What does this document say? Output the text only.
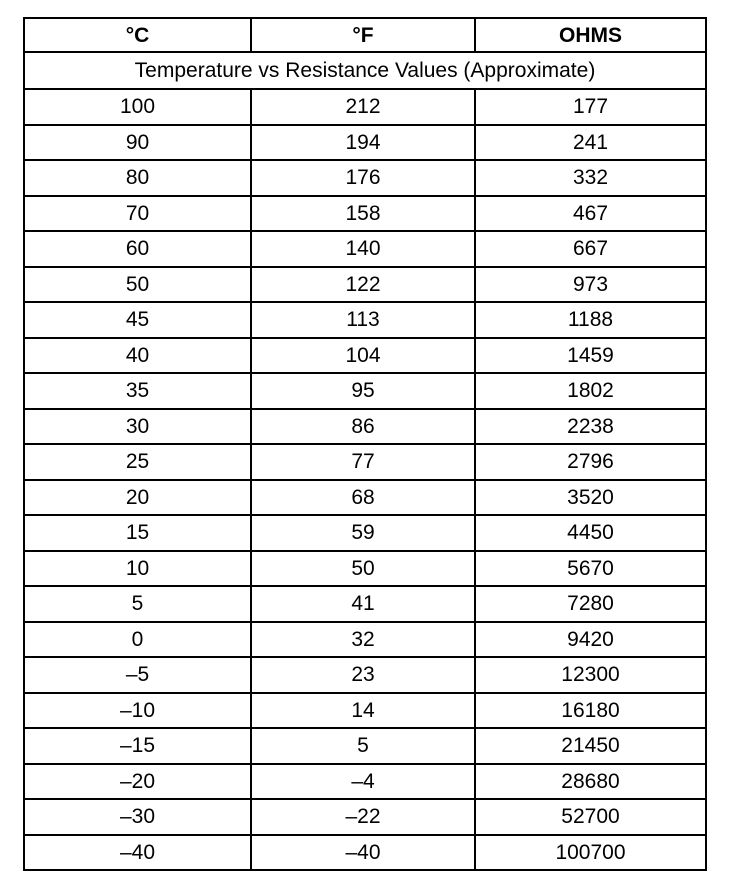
°C	°F	OHMS
Temperature vs Resistance Values (Approximate)		
100	212	177
90	194	241
80	176	332
70	158	467
60	140	667
50	122	973
45	113	1188
40	104	1459
35	95	1802
30	86	2238
25	77	2796
20	68	3520
15	59	4450
10	50	5670
5	41	7280
0	32	9420
–5	23	12300
–10	14	16180
–15	5	21450
–20	–4	28680
–30	–22	52700
–40	–40	100700
